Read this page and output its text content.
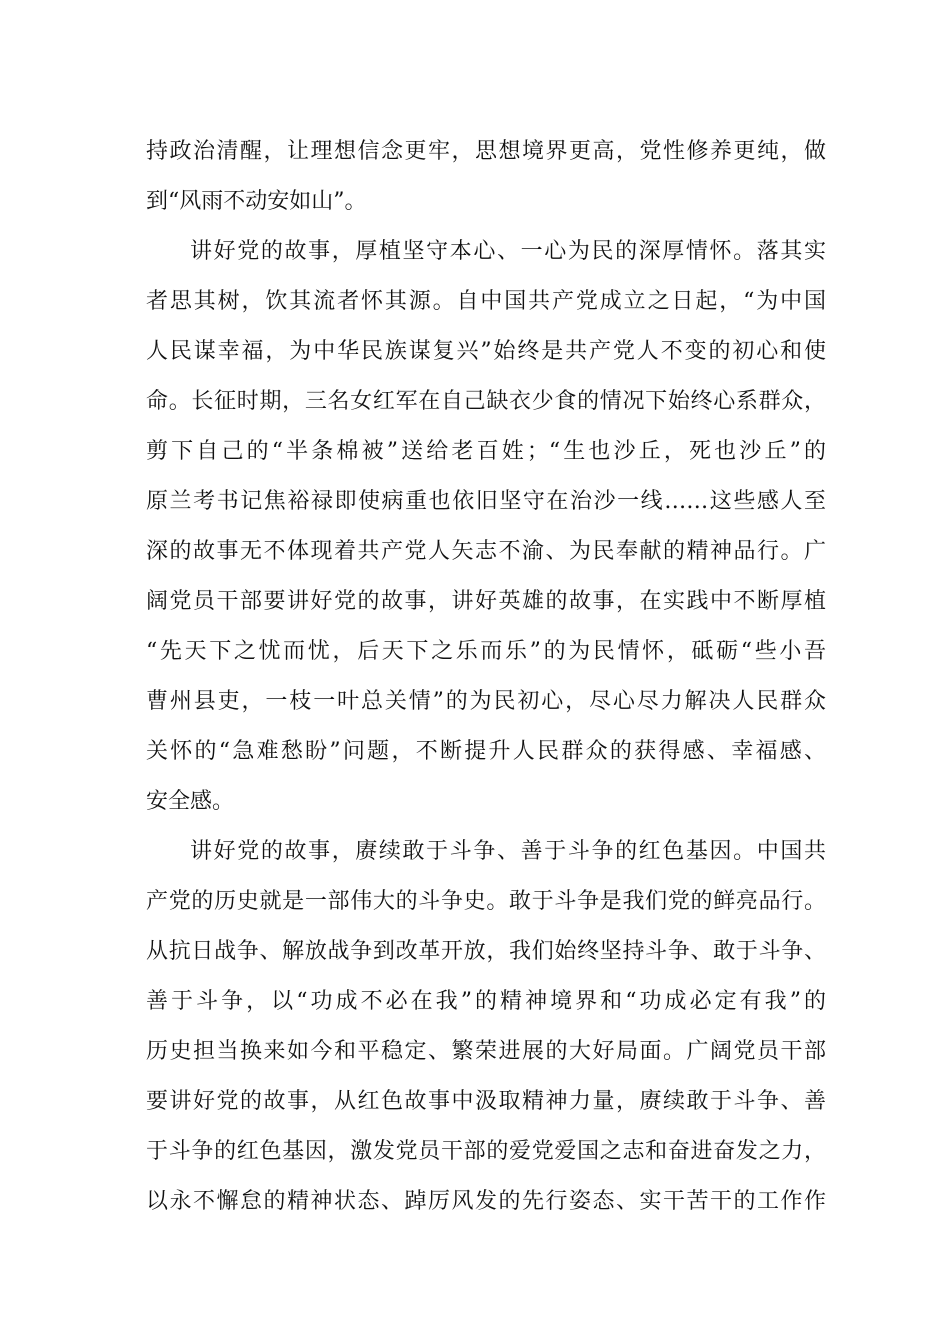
持政治清醒，让理想信念更牢，思想境界更高，党性修养更纯，做
到“风雨不动安如山”。
讲好党的故事，厚植坚守本心、一心为民的深厚情怀。落其实
者思其树，饮其流者怀其源。自中国共产党成立之日起，“为中国
人民谋幸福，为中华民族谋复兴”始终是共产党人不变的初心和使
命。长征时期，三名女红军在自己缺衣少食的情况下始终心系群众，
剪下自己的“半条棉被”送给老百姓；“生也沙丘，死也沙丘”的
原兰考书记焦裕禄即使病重也依旧坚守在治沙一线……这些感人至
深的故事无不体现着共产党人矢志不渝、为民奉献的精神品行。广
阔党员干部要讲好党的故事，讲好英雄的故事，在实践中不断厚植
“先天下之忧而忧，后天下之乐而乐”的为民情怀，砥砺“些小吾
曹州县吏，一枝一叶总关情”的为民初心，尽心尽力解决人民群众
关怀的“急难愁盼”问题，不断提升人民群众的获得感、幸福感、
安全感。
讲好党的故事，赓续敢于斗争、善于斗争的红色基因。中国共
产党的历史就是一部伟大的斗争史。敢于斗争是我们党的鲜亮品行。
从抗日战争、解放战争到改革开放，我们始终坚持斗争、敢于斗争、
善于斗争，以“功成不必在我”的精神境界和“功成必定有我”的
历史担当换来如今和平稳定、繁荣进展的大好局面。广阔党员干部
要讲好党的故事，从红色故事中汲取精神力量，赓续敢于斗争、善
于斗争的红色基因，激发党员干部的爱党爱国之志和奋进奋发之力，
以永不懈怠的精神状态、踔厉风发的先行姿态、实干苦干的工作作
